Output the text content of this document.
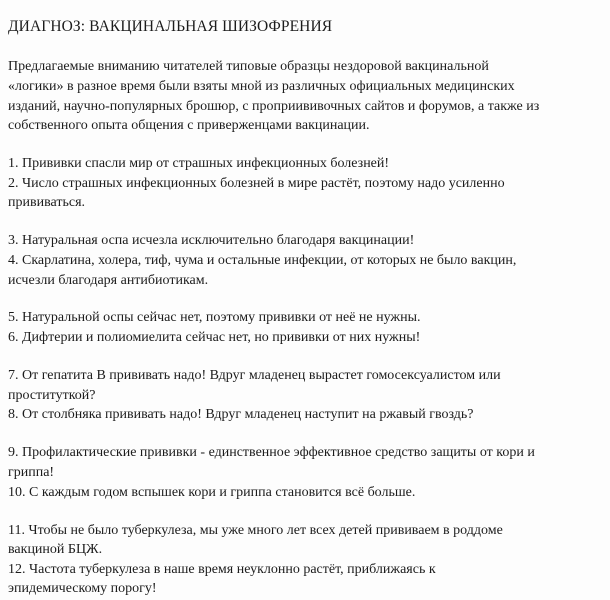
ДИАГНОЗ: ВАКЦИНАЛЬНАЯ ШИЗОФРЕНИЯ

Предлагаемые вниманию читателей типовые образцы нездоровой вакцинальной

«логики» в разное время были взяты мной из различных официальных медицинских

изданий, научно-популярных брошюр, с проприививочных сайтов и форумов, а также из

собственного опыта общения с приверженцами вакцинации.

1. Прививки спасли мир от страшных инфекционных болезней!

2. Число страшных инфекционных болезней в мире растёт, поэтому надо усиленно

прививаться.

3. Натуральная оспа исчезла исключительно благодаря вакцинации!

4. Скарлатина, холера, тиф, чума и остальные инфекции, от которых не было вакцин,

исчезли благодаря антибиотикам.

5. Натуральной оспы сейчас нет, поэтому прививки от неё не нужны.

6. Дифтерии и полиомиелита сейчас нет, но прививки от них нужны!

7. От гепатита В прививать надо! Вдруг младенец вырастет гомосексуалистом или

проституткой?

8. От столбняка прививать надо! Вдруг младенец наступит на ржавый гвоздь?

9. Профилактические прививки - единственное эффективное средство защиты от кори и

гриппа!

10. С каждым годом вспышек кори и гриппа становится всё больше.

11. Чтобы не было туберкулеза, мы уже много лет всех детей прививаем в роддоме

вакциной БЦЖ.

12. Частота туберкулеза в наше время неуклонно растёт, приближаясь к

эпидемическому порогу!
